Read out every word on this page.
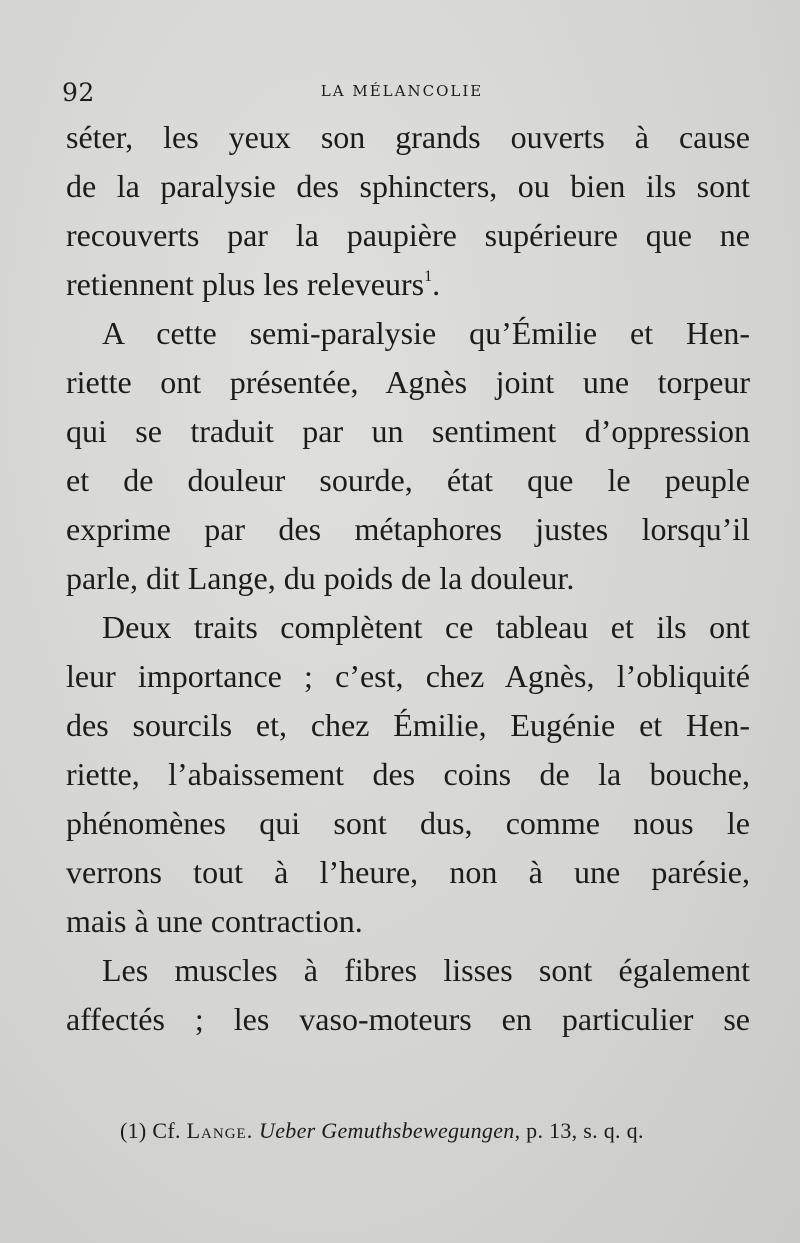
92	LA MÉLANCOLIE
séter, les yeux son grands ouverts à cause
de la paralysie des sphincters, ou bien ils sont
recouverts par la paupière supérieure que ne
retiennent plus les releveurs$^1$.
A cette semi-paralysie qu’Émilie et Hen-
riette ont présentée, Agnès joint une torpeur
qui se traduit par un sentiment d’oppression
et de douleur sourde, état que le peuple
exprime par des métaphores justes lorsqu’il
parle, dit Lange, du poids de la douleur.
Deux traits complètent ce tableau et ils ont
leur importance ; c’est, chez Agnès, l’obliquité
des sourcils et, chez Émilie, Eugénie et Hen-
riette, l’abaissement des coins de la bouche,
phénomènes qui sont dus, comme nous le
verrons tout à l’heure, non à une parésie,
mais à une contraction.
Les muscles à fibres lisses sont également
affectés ; les vaso-moteurs en particulier se
(1) Cf. Lange. Ueber Gemuthsbewegungen, p. 13, s. q. q.
